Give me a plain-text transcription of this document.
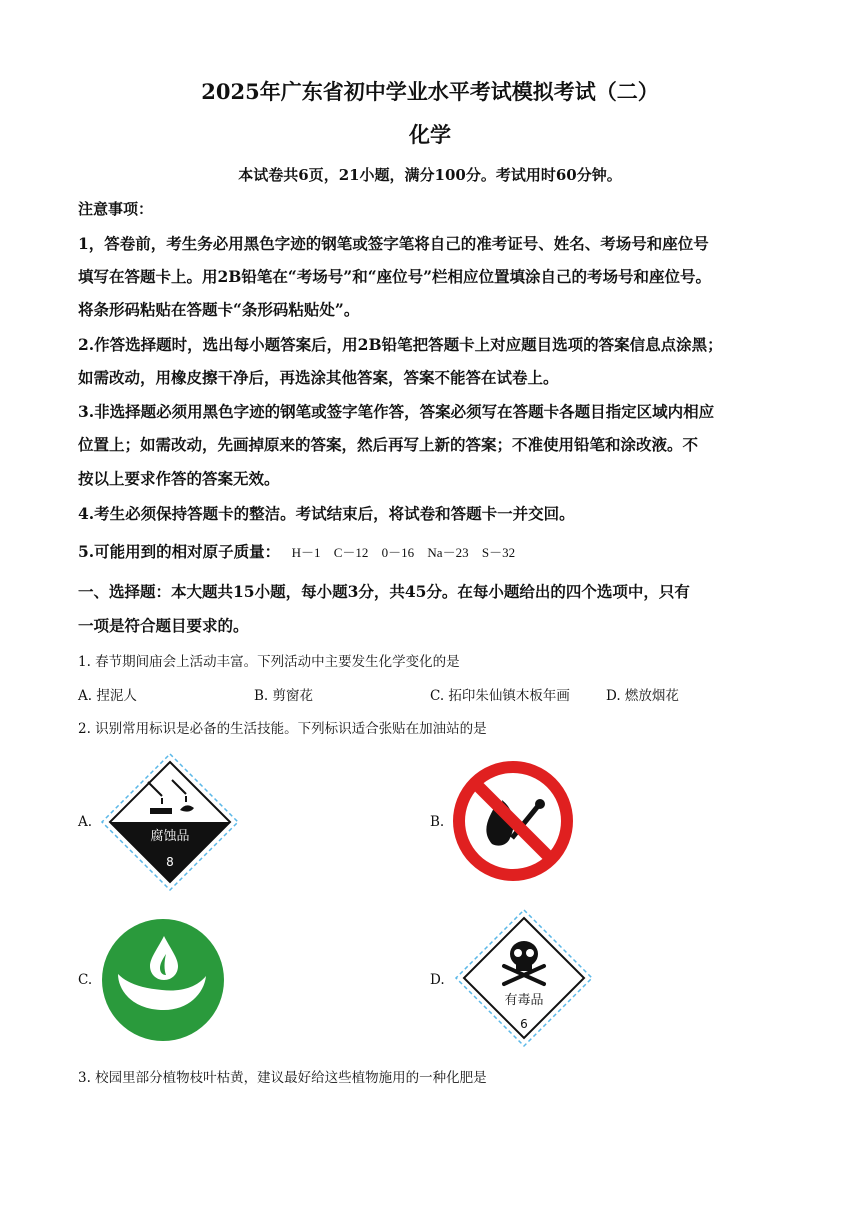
2025年广东省初中学业水平考试模拟考试（二）
化学
本试卷共6页，21小题，满分100分。考试用时60分钟。
注意事项：
1，答卷前，考生务必用黑色字迹的钢笔或签字笔将自己的准考证号、姓名、考场号和座位号
填写在答题卡上。用2B铅笔在“考场号”和“座位号”栏相应位置填涂自己的考场号和座位号。
将条形码粘贴在答题卡“条形码粘贴处”。
2.作答选择题时，选出每小题答案后，用2B铅笔把答题卡上对应题目选项的答案信息点涂黑；
如需改动，用橡皮擦干净后，再选涂其他答案，答案不能答在试卷上。
3.非选择题必须用黑色字迹的钢笔或签字笔作答，答案必须写在答题卡各题目指定区域内相应
位置上；如需改动，先画掉原来的答案，然后再写上新的答案；不准使用铅笔和涂改液。不
按以上要求作答的答案无效。
4.考生必须保持答题卡的整洁。考试结束后，将试卷和答题卡一并交回。
5.可能用到的相对原子质量： H－1 C－12 0－16 Na－23 S－32
一、选择题：本大题共15小题，每小题3分，共45分。在每小题给出的四个选项中，只有
一项是符合题目要求的。
1. 春节期间庙会上活动丰富。下列活动中主要发生化学变化的是
A. 捏泥人	B. 剪窗花	C. 拓印朱仙镇木板年画	D. 燃放烟花
2. 识别常用标识是必备的生活技能。下列标识适合张贴在加油站的是
A.
腐蚀品
8
B.
C.	D.
有毒品
6
3. 校园里部分植物枝叶枯黄，建议最好给这些植物施用的一种化肥是
